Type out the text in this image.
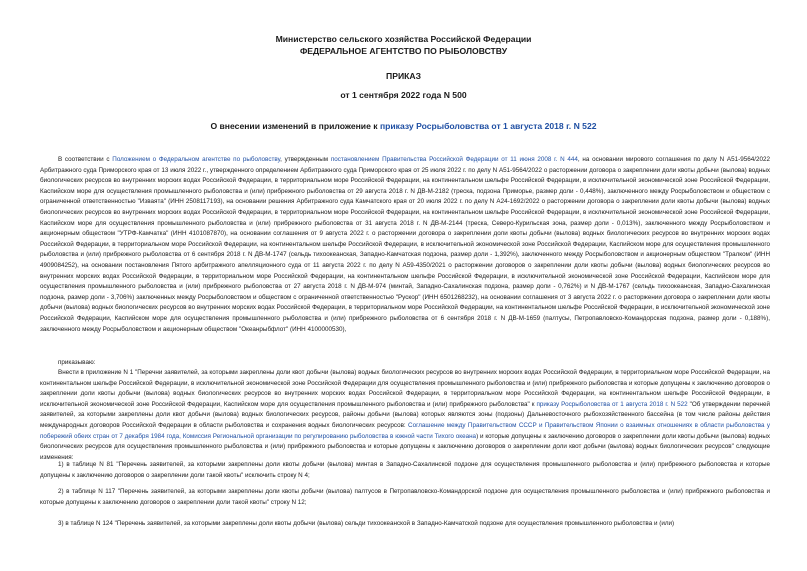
Министерство сельского хозяйства Российской Федерации
ФЕДЕРАЛЬНОЕ АГЕНТСТВО ПО РЫБОЛОВСТВУ
ПРИКАЗ
от 1 сентября 2022 года N 500
О внесении изменений в приложение к приказу Росрыболовства от 1 августа 2018 г. N 522

В соответствии с Положением о Федеральном агентстве по рыболовству, утвержденным постановлением Правительства Российской Федерации от 11 июня 2008 г. N 444, на основании мирового соглашения по делу N А51-9564/2022 Арбитражного суда Приморского края от 13 июля 2022 г., утвержденного определением Арбитражного суда Приморского края от 25 июля 2022 г. по делу N А51-9564/2022 о расторжении договора о закреплении доли квоты добычи (вылова) водных биологических ресурсов во внутренних морских водах Российской Федерации, в территориальном море Российской Федерации, на континентальном шельфе Российской Федерации, в исключительной экономической зоне Российской Федерации, Каспийском море для осуществления промышленного рыболовства и (или) прибрежного рыболовства от 29 августа 2018 г. N ДВ-М-2182 (треска, подзона Приморье, размер доли - 0,448%), заключенного между Росрыболовством и обществом с ограниченной ответственностью "Изваята" (ИНН 2508117193), на основании решения Арбитражного суда Камчатского края от 20 июля 2022 г. по делу N А24-1692/2022 о расторжении договора о закреплении доли квоты добычи (вылова) водных биологических ресурсов во внутренних морских водах Российской Федерации, в территориальном море Российской Федерации, на континентальном шельфе Российской Федерации, в исключительной экономической зоне Российской Федерации, Каспийском море для осуществления промышленного рыболовства и (или) прибрежного рыболовства от 31 августа 2018 г. N ДВ-М-2144 (треска, Северо-Курильская зона, размер доли - 0,013%), заключенного между Росрыболовством и акционерным обществом "УТРФ-Камчатка" (ИНН 4101087870), на основании соглашения от 9 августа 2022 г. о расторжении договора о закреплении доли квоты добычи (вылова) водных биологических ресурсов во внутренних морских водах Российской Федерации, в территориальном море Российской Федерации, на континентальном шельфе Российской Федерации, в исключительной экономической зоне Российской Федерации, Каспийском море для осуществления промышленного рыболовства и (или) прибрежного рыболовства от 6 сентября 2018 г. N ДВ-М-1747 (сельдь тихоокеанская, Западно-Камчатская подзона, размер доли - 1,392%), заключенного между Росрыболовством и акционерным обществом "Тралком" (ИНН 4909084252), на основании постановления Пятого арбитражного апелляционного суда от 11 августа 2022 г. по делу N А59-4350/2021 о расторжении договоров о закреплении доли квоты добычи (вылова) водных биологических ресурсов во внутренних морских водах Российской Федерации, в территориальном море Российской Федерации, на континентальном шельфе Российской Федерации, в исключительной экономической зоне Российской Федерации, Каспийском море для осуществления промышленного рыболовства и (или) прибрежного рыболовства от 27 августа 2018 г. N ДВ-М-974 (минтай, Западно-Сахалинская подзона, размер доли - 0,762%) и N ДВ-М-1767 (сельдь тихоокеанская, Западно-Сахалинская подзона, размер доли - 3,706%) заключенных между Росрыболовством и обществом с ограниченной ответственностью "Рускор" (ИНН 6501268232), на основании соглашения от 3 августа 2022 г. о расторжении договора о закреплении доли квоты добычи (вылова) водных биологических ресурсов во внутренних морских водах Российской Федерации, в территориальном море Российской Федерации, на континентальном шельфе Российской Федерации, в исключительной экономической зоне Российской Федерации, Каспийском море для осуществления промышленного рыболовства и (или) прибрежного рыболовства от 6 сентября 2018 г. N ДВ-М-1659 (палтусы, Петропавловско-Командорская подзона, размер доли - 0,188%), заключенного между Росрыболовством и акционерным обществом "Океанрыбфлот" (ИНН 4100000530),

приказываю:

Внести в приложение N 1 "Перечни заявителей, за которыми закреплены доли квот добычи (вылова) водных биологических ресурсов во внутренних морских водах Российской Федерации, в территориальном море Российской Федерации, на континентальном шельфе Российской Федерации, в исключительной экономической зоне Российской Федерации для осуществления промышленного рыболовства и (или) прибрежного рыболовства и которые допущены к заключению договоров о закреплении доли квоты добычи (вылова) водных биологических ресурсов во внутренних морских водах Российской Федерации, в территориальном море Российской Федерации, на континентальном шельфе Российской Федерации, в исключительной экономической зоне Российской Федерации, Каспийском море для осуществления промышленного рыболовства и (или) прибрежного рыболовства" к приказу Росрыболовства от 1 августа 2018 г. N 522 "Об утверждении перечней заявителей, за которыми закреплены доли квот добычи (вылова) водных биологических ресурсов, районы добычи (вылова) которых являются зоны (подзоны) Дальневосточного рыбохозяйственного бассейна (в том числе районы действия международных договоров Российской Федерации в области рыболовства и сохранения водных биологических ресурсов: Соглашение между Правительством СССР и Правительством Японии о взаимных отношениях в области рыболовства у побережий обеих стран от 7 декабря 1984 года, Комиссия Региональной организации по регулированию рыболовства в южной части Тихого океана) и которые допущены к заключению договоров о закреплении доли квоты добычи (вылова) водных биологических ресурсов для осуществления промышленного рыболовства и (или) прибрежного рыболовства и которые допущены к заключению договоров о закреплении доли квот добычи (вылова) водных биологических ресурсов" следующие изменения:

1) в таблице N 81 "Перечень заявителей, за которыми закреплены доли квоты добычи (вылова) минтая в Западно-Сахалинской подзоне для осуществления промышленного рыболовства и (или) прибрежного рыболовства и которые допущены к заключению договоров о закреплении доли такой квоты" исключить строку N 4;

2) в таблице N 117 "Перечень заявителей, за которыми закреплены доли квоты добычи (вылова) палтусов в Петропавловско-Командорской подзоне для осуществления промышленного рыболовства и (или) прибрежного рыболовства и которые допущены к заключению договоров о закреплении доли такой квоты" строку N 12;

3) в таблице N 124 "Перечень заявителей, за которыми закреплены доли квоты добычи (вылова) сельди тихоокеанской в Западно-Камчатской подзоне для осуществления промышленного рыболовства и (или)
